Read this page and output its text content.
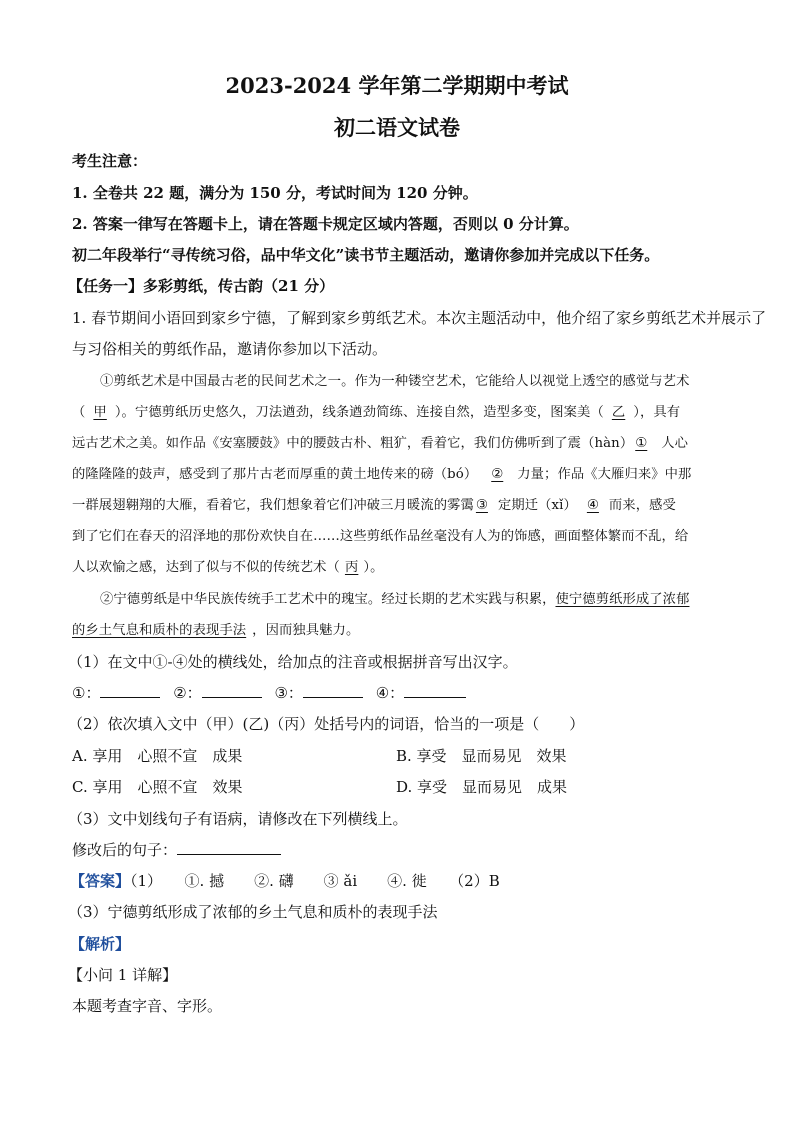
2023-2024 学年第二学期期中考试
初二语文试卷
考生注意：
1. 全卷共 22 题，满分为 150 分，考试时间为 120 分钟。
2. 答案一律写在答题卡上，请在答题卡规定区域内答题，否则以 0 分计算。
初二年段举行“寻传统习俗，品中华文化”读书节主题活动，邀请你参加并完成以下任务。
【任务一】多彩剪纸，传古韵（21 分）
1. 春节期间小语回到家乡宁德，了解到家乡剪纸艺术。本次主题活动中，他介绍了家乡剪纸艺术并展示了
与习俗相关的剪纸作品，邀请你参加以下活动。
①剪纸艺术是中国最古老的民间艺术之一。作为一种镂空艺术，它能给人以视觉上透空的感觉与艺术
（ 甲 ）。宁德剪纸历史悠久，刀法遒劲，线条遒劲简练、连接自然，造型多变，图案美（ 乙 ），具有
远古艺术之美。如作品《安塞腰鼓》中的腰鼓古朴、粗犷，看着它，我们仿佛听到了震（hàn） ① 人心
的隆隆隆的鼓声，感受到了那片古老而厚重的黄土地传来的磅（bó） ② 力量；作品《大雁归来》中那
一群展翅翱翔的大雁，看着它，我们想象着它们冲破三月暖流的雾霭 ③ 定期迁（xǐ） ④ 而来，感受
到了它们在春天的沼泽地的那份欢快自在……这些剪纸作品丝毫没有人为的饰感，画面整体繁而不乱，给
人以欢愉之感，达到了似与不似的传统艺术（ 丙 ）。
②宁德剪纸是中华民族传统手工艺术中的瑰宝。经过长期的艺术实践与积累，使宁德剪纸形成了浓郁
的乡土气息和质朴的表现手法 ，因而独具魅力。
（1）在文中①-④处的横线处，给加点的注音或根据拼音写出汉字。
①：	②：	③：	④：
（2）依次填入文中（甲）(乙)（丙）处括号内的词语，恰当的一项是（　　）
A. 享用　心照不宣　成果	B. 享受　显而易见　效果
C. 享用　心照不宣　效果	D. 享受　显而易见　成果
（3）文中划线句子有语病，请修改在下列横线上。
修改后的句子：
【答案】（1）　　①. 撼　　②. 礴　　③ ǎi　　④. 徙　　（2）B
（3）宁德剪纸形成了浓郁的乡土气息和质朴的表现手法
【解析】
【小问 1 详解】
本题考查字音、字形。
